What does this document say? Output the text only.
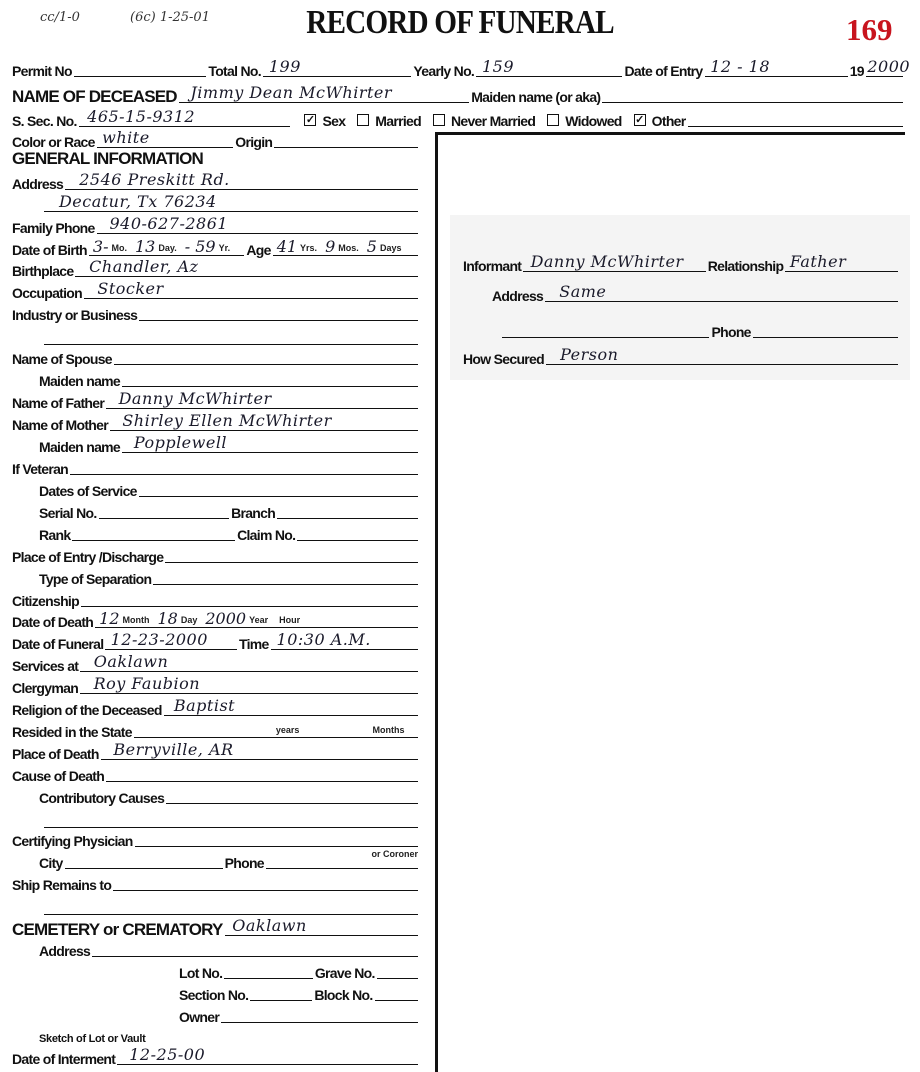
RECORD OF FUNERAL	169
cc/1-0	(6c) 1-25-01
GENERAL INFORMATION
Sketch of Lot or Vault
Permit No	Total No. 199	Yearly No. 159	Date of Entry 12 - 18	19 2000
NAME OF DECEASED Jimmy Dean McWhirter	Maiden name (or aka)
S. Sec. No. 465-15-9312	✓ Sex Married Never Married Widowed ✓ Other
Color or Race white	Origin
Address 2546 Preskitt Rd.
Decatur, Tx 76234
Family Phone 940-627-2861
Date of Birth 3- Mo. 13 Day. - 59 Yr. Age 41 Yrs. 9 Mos. 5 Days
Birthplace Chandler, Az
Occupation Stocker
Industry or Business
Name of Spouse
Maiden name
Name of Father Danny McWhirter
Name of Mother Shirley Ellen McWhirter
Maiden name Popplewell
If Veteran
Dates of Service
Serial No.	Branch
Rank	Claim No.
Place of Entry /Discharge
Type of Separation
Citizenship
Date of Death 12 Month 18 Day 2000 Year Hour
Date of Funeral 12-23-2000 Time 10:30 A.M.
Services at Oaklawn
Clergyman Roy Faubion
Religion of the Deceased Baptist
Resided in the State	years	Months
Place of Death Berryville, AR
Cause of Death
Contributory Causes
Certifying Physician
or Coroner
City	Phone
Ship Remains to
CEMETERY or CREMATORY Oaklawn
Address
Lot No.	Grave No.
Section No.	Block No.
Owner
Date of Interment 12-25-00
Informant Danny McWhirter Relationship Father
Address Same
Phone
How Secured Person
